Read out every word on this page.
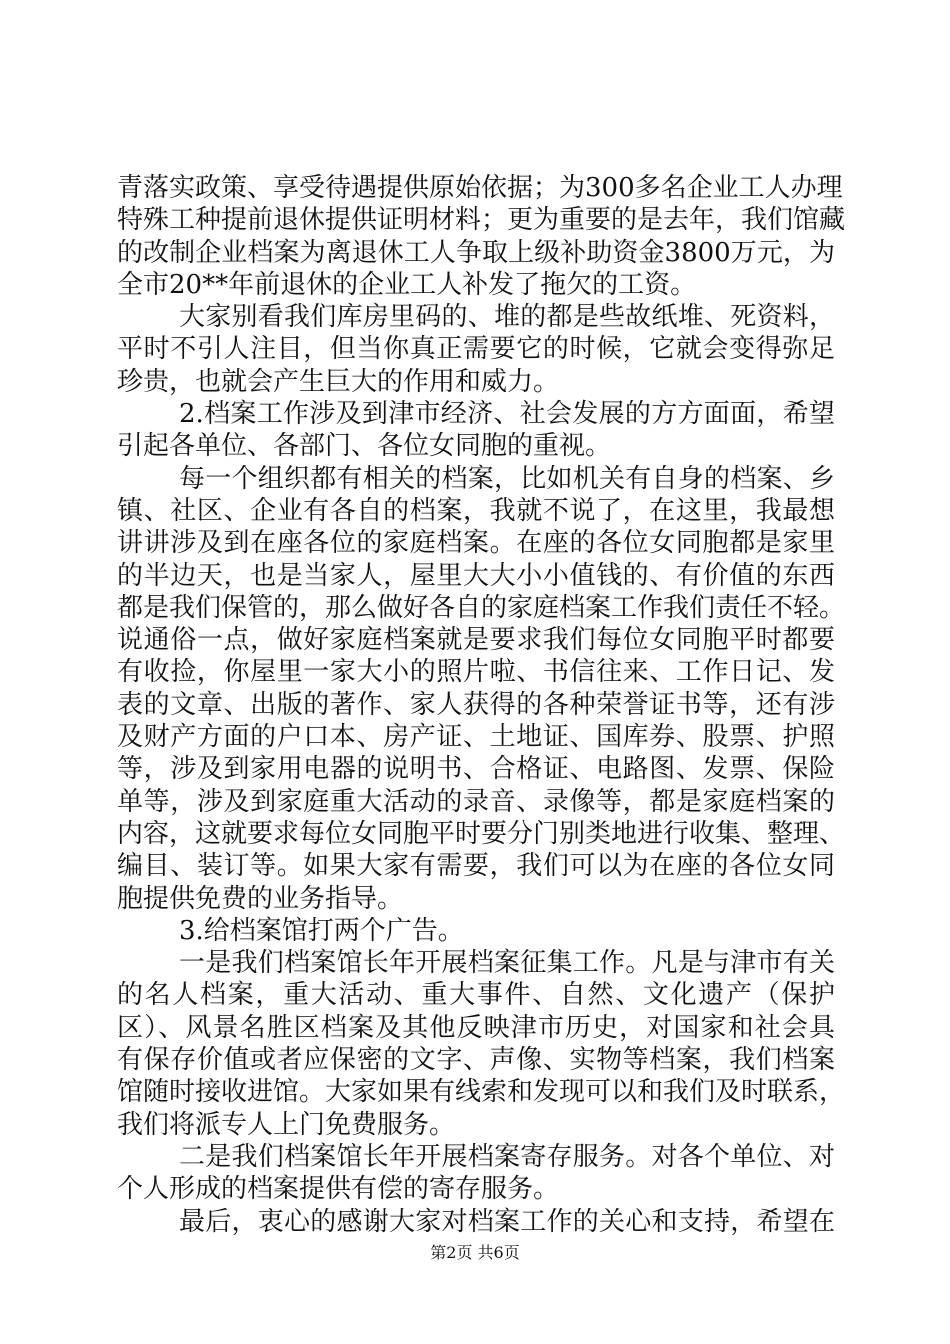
青落实政策、享受待遇提供原始依据；为300多名企业工人办理
特殊工种提前退休提供证明材料；更为重要的是去年，我们馆藏
的改制企业档案为离退休工人争取上级补助资金3800万元，为
全市20**年前退休的企业工人补发了拖欠的工资。
大家别看我们库房里码的、堆的都是些故纸堆、死资料，
平时不引人注目，但当你真正需要它的时候，它就会变得弥足
珍贵，也就会产生巨大的作用和威力。
2.档案工作涉及到津市经济、社会发展的方方面面，希望
引起各单位、各部门、各位女同胞的重视。
每一个组织都有相关的档案，比如机关有自身的档案、乡
镇、社区、企业有各自的档案，我就不说了，在这里，我最想
讲讲涉及到在座各位的家庭档案。在座的各位女同胞都是家里
的半边天，也是当家人，屋里大大小小值钱的、有价值的东西
都是我们保管的，那么做好各自的家庭档案工作我们责任不轻。
说通俗一点，做好家庭档案就是要求我们每位女同胞平时都要
有收捡，你屋里一家大小的照片啦、书信往来、工作日记、发
表的文章、出版的著作、家人获得的各种荣誉证书等，还有涉
及财产方面的户口本、房产证、土地证、国库券、股票、护照
等，涉及到家用电器的说明书、合格证、电路图、发票、保险
单等，涉及到家庭重大活动的录音、录像等，都是家庭档案的
内容，这就要求每位女同胞平时要分门别类地进行收集、整理、
编目、装订等。如果大家有需要，我们可以为在座的各位女同
胞提供免费的业务指导。
3.给档案馆打两个广告。
一是我们档案馆长年开展档案征集工作。凡是与津市有关
的名人档案，重大活动、重大事件、自然、文化遗产（保护
区）、风景名胜区档案及其他反映津市历史，对国家和社会具
有保存价值或者应保密的文字、声像、实物等档案，我们档案
馆随时接收进馆。大家如果有线索和发现可以和我们及时联系，
我们将派专人上门免费服务。
二是我们档案馆长年开展档案寄存服务。对各个单位、对
个人形成的档案提供有偿的寄存服务。
最后，衷心的感谢大家对档案工作的关心和支持，希望在
第2页 共6页
